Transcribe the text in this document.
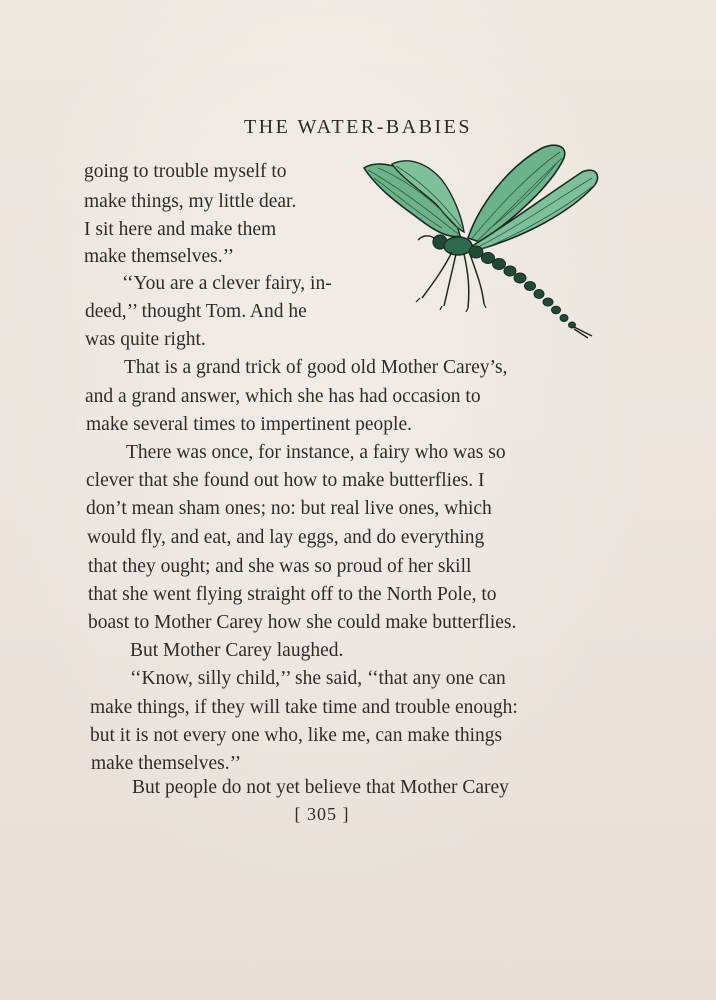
THE WATER-BABIES
going to trouble myself to
make things, my little dear.
I sit here and make them
make themselves.’’
‘‘You are a clever fairy, in-
deed,’’ thought Tom. And he
was quite right.
That is a grand trick of good old Mother Carey’s,
and a grand answer, which she has had occasion to
make several times to impertinent people.
There was once, for instance, a fairy who was so
clever that she found out how to make butterflies. I
don’t mean sham ones; no: but real live ones, which
would fly, and eat, and lay eggs, and do everything
that they ought; and she was so proud of her skill
that she went flying straight off to the North Pole, to
boast to Mother Carey how she could make butterflies.
But Mother Carey laughed.
‘‘Know, silly child,’’ she said, ‘‘that any one can
make things, if they will take time and trouble enough:
but it is not every one who, like me, can make things
make themselves.’’
But people do not yet believe that Mother Carey
[ 305 ]
